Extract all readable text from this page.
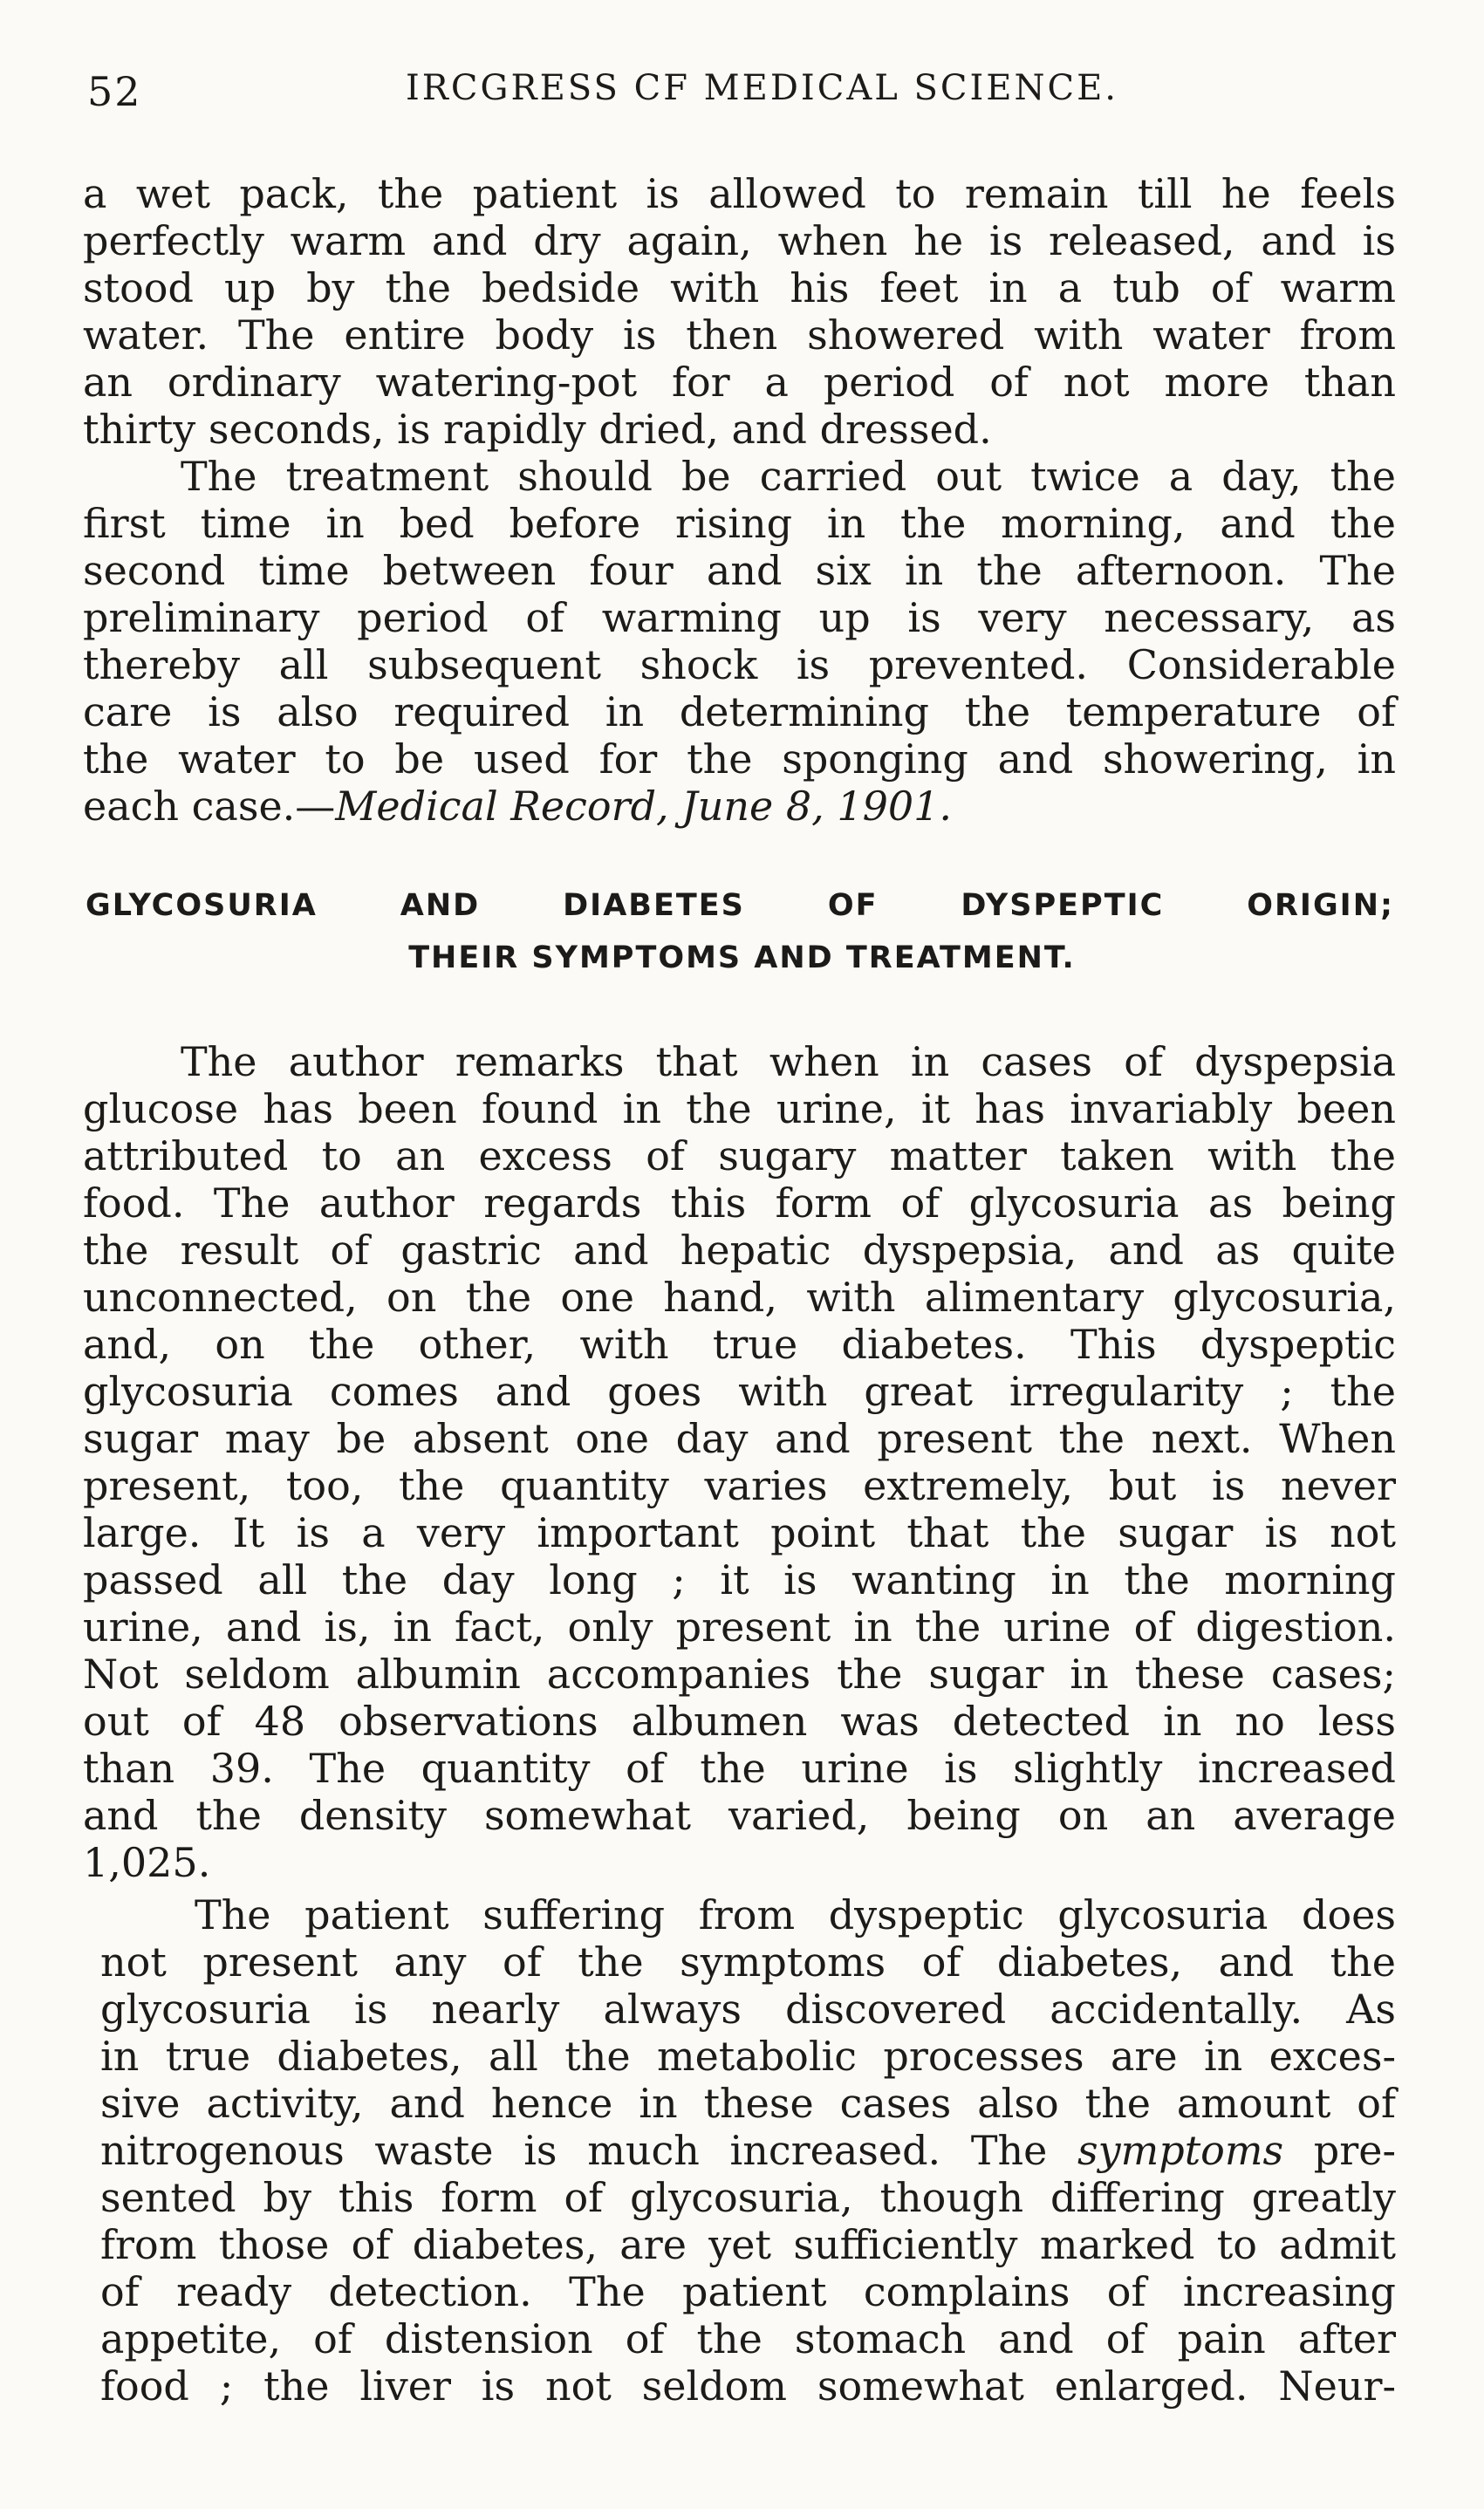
52	IRCGRESS CF MEDICAL SCIENCE.
a wet pack, the patient is allowed to remain till he feels
perfectly warm and dry again, when he is released, and is
stood up by the bedside with his feet in a tub of warm
water. The entire body is then showered with water from
an ordinary watering-pot for a period of not more than
thirty seconds, is rapidly dried, and dressed.
The treatment should be carried out twice a day, the
first time in bed before rising in the morning, and the
second time between four and six in the afternoon. The
preliminary period of warming up is very necessary, as
thereby all subsequent shock is prevented. Considerable
care is also required in determining the temperature of
the water to be used for the sponging and showering, in
each case.—Medical Record, June 8, 1901.
GLYCOSURIA AND DIABETES OF DYSPEPTIC ORIGIN;
THEIR SYMPTOMS AND TREATMENT.
The author remarks that when in cases of dyspepsia
glucose has been found in the urine, it has invariably been
attributed to an excess of sugary matter taken with the
food. The author regards this form of glycosuria as being
the result of gastric and hepatic dyspepsia, and as quite
unconnected, on the one hand, with alimentary glycosuria,
and, on the other, with true diabetes. This dyspeptic
glycosuria comes and goes with great irregularity ; the
sugar may be absent one day and present the next. When
present, too, the quantity varies extremely, but is never
large. It is a very important point that the sugar is not
passed all the day long ; it is wanting in the morning
urine, and is, in fact, only present in the urine of digestion.
Not seldom albumin accompanies the sugar in these cases;
out of 48 observations albumen was detected in no less
than 39. The quantity of the urine is slightly increased
and the density somewhat varied, being on an average
1,025.
The patient suffering from dyspeptic glycosuria does
not present any of the symptoms of diabetes, and the
glycosuria is nearly always discovered accidentally. As
in true diabetes, all the metabolic processes are in exces-
sive activity, and hence in these cases also the amount of
nitrogenous waste is much increased. The symptoms pre-
sented by this form of glycosuria, though differing greatly
from those of diabetes, are yet sufficiently marked to admit
of ready detection. The patient complains of increasing
appetite, of distension of the stomach and of pain after
food ; the liver is not seldom somewhat enlarged. Neur-
